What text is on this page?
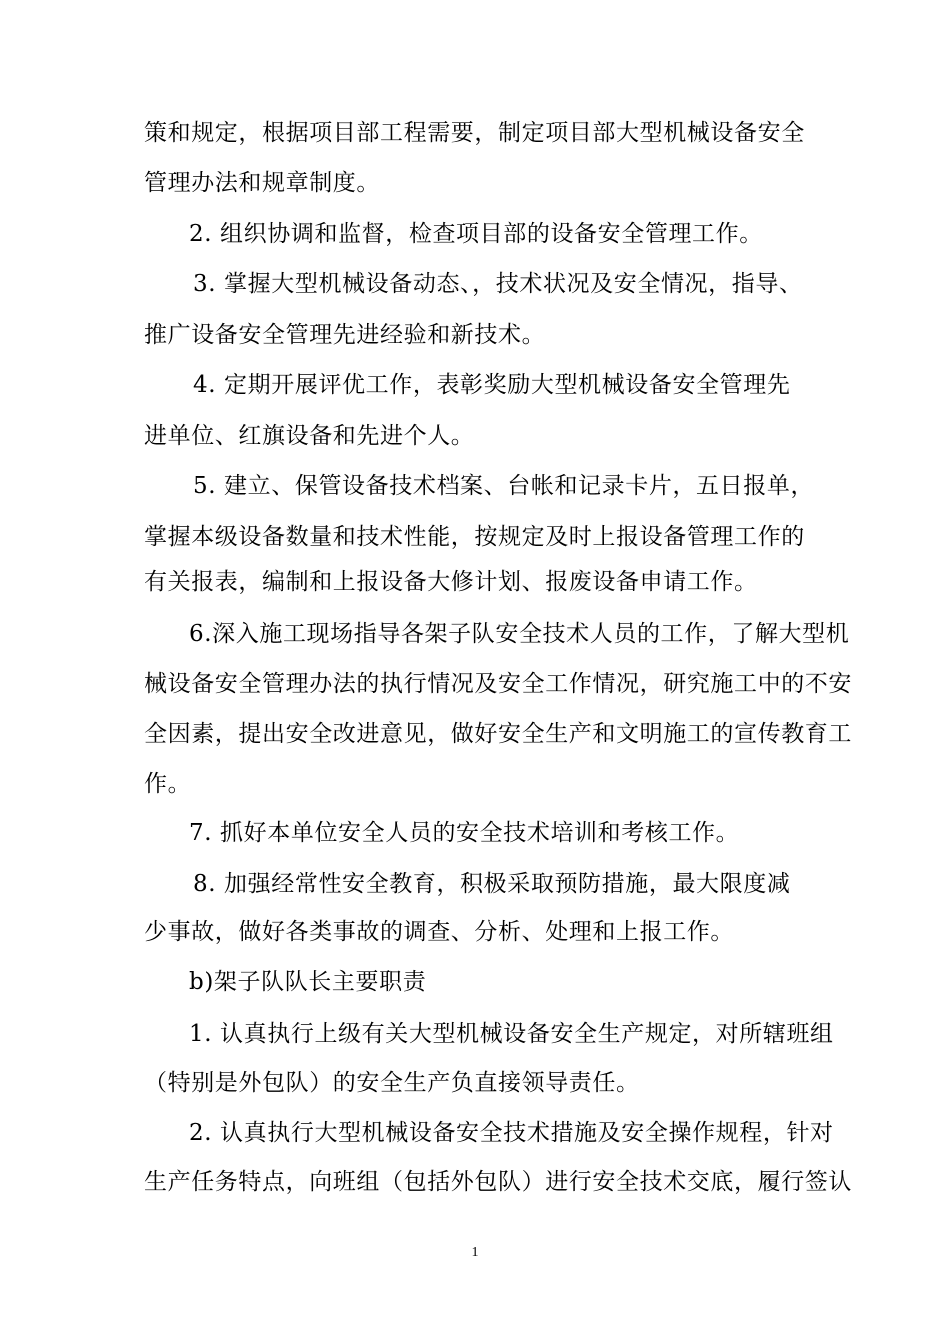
策和规定，根据项目部工程需要，制定项目部大型机械设备安全
管理办法和规章制度。
2. 组织协调和监督，检查项目部的设备安全管理工作。
3. 掌握大型机械设备动态、，技术状况及安全情况，指导、
推广设备安全管理先进经验和新技术。
4. 定期开展评优工作，表彰奖励大型机械设备安全管理先
进单位、红旗设备和先进个人。
5. 建立、保管设备技术档案、台帐和记录卡片，五日报单，
掌握本级设备数量和技术性能，按规定及时上报设备管理工作的
有关报表，编制和上报设备大修计划、报废设备申请工作。
6.深入施工现场指导各架子队安全技术人员的工作，了解大型机
械设备安全管理办法的执行情况及安全工作情况，研究施工中的不安
全因素，提出安全改进意见，做好安全生产和文明施工的宣传教育工
作。
7. 抓好本单位安全人员的安全技术培训和考核工作。
8. 加强经常性安全教育，积极采取预防措施，最大限度减
少事故，做好各类事故的调查、分析、处理和上报工作。
b)架子队队长主要职责
1. 认真执行上级有关大型机械设备安全生产规定，对所辖班组
（特别是外包队）的安全生产负直接领导责任。
2. 认真执行大型机械设备安全技术措施及安全操作规程，针对
生产任务特点，向班组（包括外包队）进行安全技术交底，履行签认
1
